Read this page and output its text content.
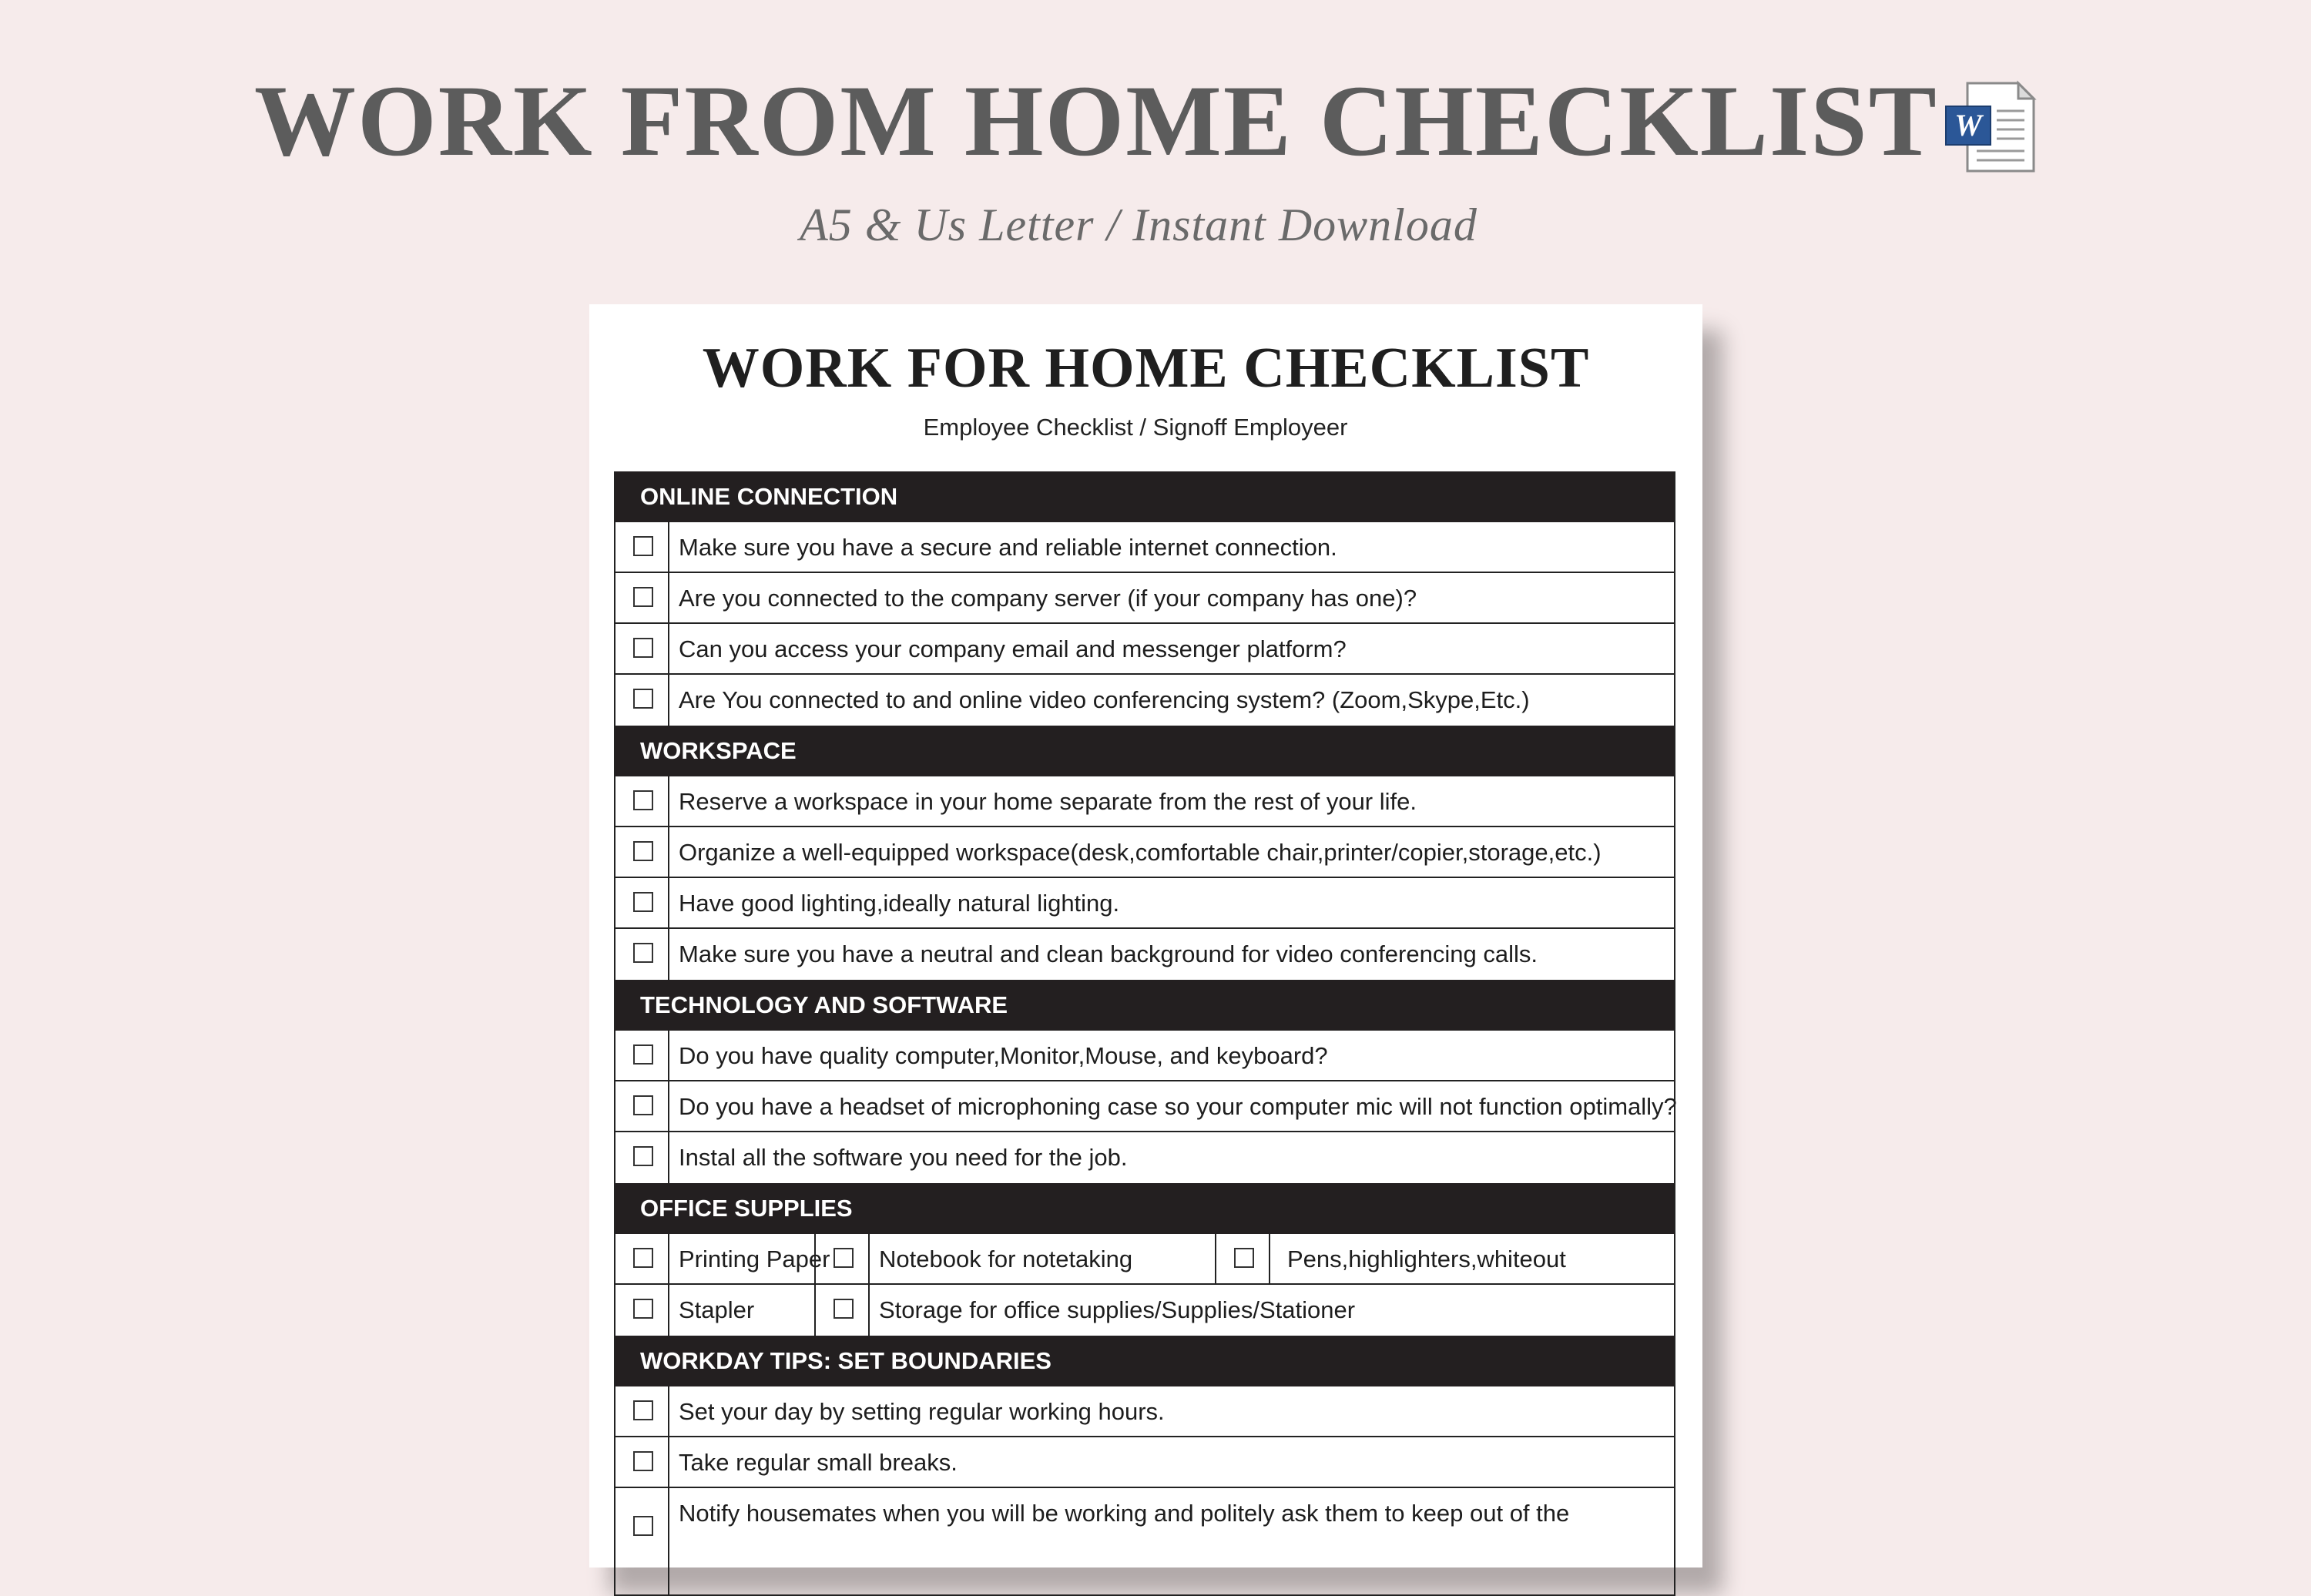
WORK FROM HOME CHECKLIST W
A5 & Us Letter / Instant Download
WORK FOR HOME CHECKLIST
Employee Checklist / Signoff Employeer
ONLINE CONNECTION
Make sure you have a secure and reliable internet connection.
Are you connected to the company server (if your company has one)?
Can you access your company email and messenger platform?
Are You connected to and online video conferencing system? (Zoom,Skype,Etc.)
WORKSPACE
Reserve a workspace in your home separate from the rest of your life.
Organize a well-equipped workspace(desk,comfortable chair,printer/copier,storage,etc.)
Have good lighting,ideally natural lighting.
Make sure you have a neutral and clean background for video conferencing calls.
TECHNOLOGY AND SOFTWARE
Do you have quality computer,Monitor,Mouse, and keyboard?
Do you have a headset of microphoning case so your computer mic will not function optimally?
Instal all the software you need for the job.
OFFICE SUPPLIES
Printing Paper	Notebook for notetaking	Pens,highlighters,whiteout
Stapler	Storage for office supplies/Supplies/Stationer
WORKDAY TIPS: SET BOUNDARIES
Set your day by setting regular working hours.
Take regular small breaks.
Notify housemates when you will be working and politely ask them to keep out of the
